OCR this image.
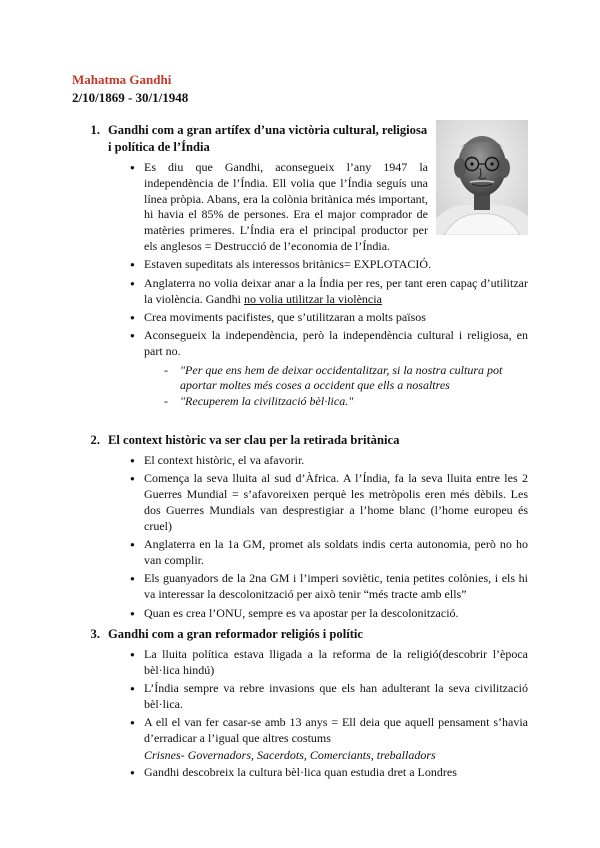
Mahatma Gandhi
2/10/1869 - 30/1/1948
1. Gandhi com a gran artífex d’una victòria cultural, religiosa i política de l’Índia
● Es diu que Gandhi, aconsegueix l’any 1947 la independència de l’Índia. Ell volia que l’Índia seguís una línea pròpia. Abans, era la colònia britànica més important, hi havia el 85% de persones. Era el major comprador de matèries primeres. L’Índia era el principal productor per els anglesos = Destrucció de l’economia de l’Índia.
● Estaven supeditats als interessos britànics= EXPLOTACIÓ.
● Anglaterra no volia deixar anar a la Índia per res, per tant eren capaç d’utilitzar la violència. Gandhi no volia utilitzar la violència
● Crea moviments pacifistes, que s’utilitzaran a molts països
● Aconsegueix la independència, però la independència cultural i religiosa, en part no.
- "Per que ens hem de deixar occidentalitzar, si la nostra cultura pot aportar moltes més coses a occident que ells a nosaltres
- "Recuperem la civilització bèl·lica."
2. El context històric va ser clau per la retirada britànica
● El context històric, el va afavorir.
● Comença la seva lluita al sud d’Àfrica. A l’Índia, fa la seva lluita entre les 2 Guerres Mundial = s’afavoreixen perquè les metròpolis eren més dèbils. Les dos Guerres Mundials van desprestigiar a l’home blanc (l’home europeu és cruel)
● Anglaterra en la 1a GM, promet als soldats indis certa autonomia, però no ho van complir.
● Els guanyadors de la 2na GM i l’imperi soviètic, tenia petites colònies, i els hi va interessar la descolonització per això tenir “més tracte amb ells”
● Quan es crea l’ONU, sempre es va apostar per la descolonització.
3. Gandhi com a gran reformador religiós i polític
● La lluita política estava lligada a la reforma de la religió(descobrir l’època bèl·lica hindú)
● L’Índia sempre va rebre invasions que els han adulterant la seva civilització bèl·lica.
● A ell el van fer casar-se amb 13 anys = Ell deia que aquell pensament s’havia d’erradicar a l’igual que altres costums
Crisnes- Governadors, Sacerdots, Comerciants, treballadors
● Gandhi descobreix la cultura bèl·lica quan estudia dret a Londres
